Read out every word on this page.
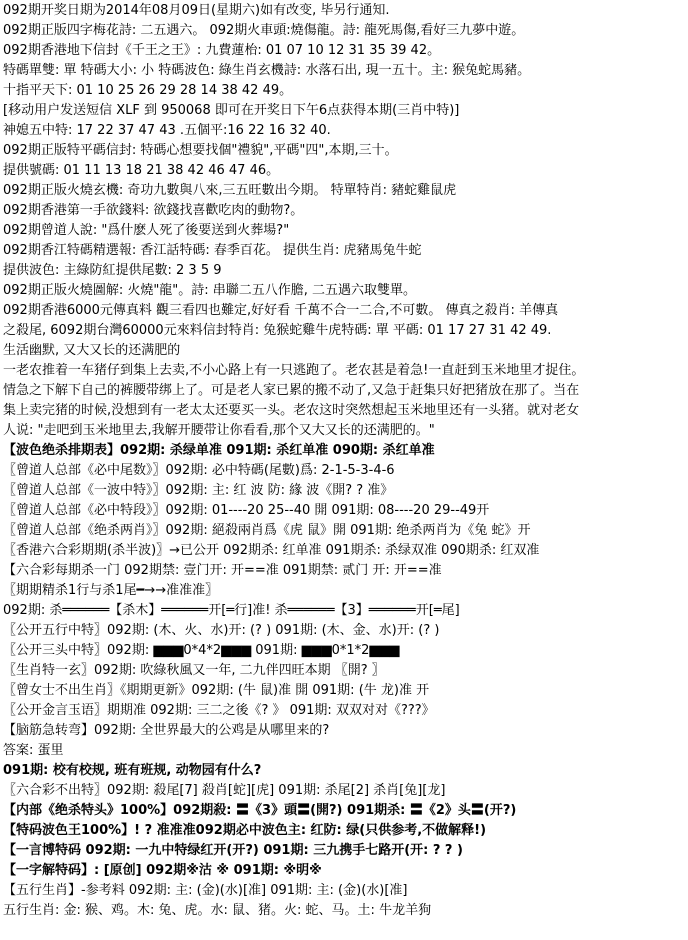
092期开奖日期为2014年08月09日(星期六)如有改变, 毕另行通知.
092期正版四字梅花詩: 二五遇六。 092期火車頭:燒傷龍。詩: 龍死馬傷,看好三九夢中遊。
092期香港地下信封《千王之王》: 九費蓮枱: 01 07 10 12 31 35 39 42。
特碼單雙: 單 特碼大小: 小 特碼波色: 綠生肖玄機詩: 水落石出, 現一五十。主: 猴兔蛇馬豬。
十指平天下: 01 10 25 26 29 28 14 38 42 49。
[移动用户发送短信 XLF 到 950068 即可在开奖日下午6点获得本期(三肖中特)]
神媳五中特: 17 22 37 47 43 .五個平:16 22 16 32 40.
092期正版特平碼信封: 特碼心想要找個"禮貌",平碼"四",本期,三十。
提供號碼: 01 11 13 18 21 38 42 46 47 46。
092期正版火燒玄機: 奇功九數與八來,三五旺數出今期。 特單特肖: 豬蛇雞鼠虎
092期香港第一手欲錢料: 欲錢找喜歡吃肉的動物?。
092期曾道人說: "爲什麽人死了後要送到火葬場?"
092期香江特碼精選報: 香江話特碼: 春季百花。 提供生肖: 虎豬馬兔牛蛇
提供波色: 主綠防紅提供尾數: 2 3 5 9
092期正版火燒圖解: 火燒"龍"。詩: 串聯二五八作膽, 二五遇六取雙單。
092期香港6000元傳真料 觀三看四也難定,好好看 千萬不合一二合,不可數。 傳真之殺肖: 羊傳真
之殺尾, 6092期台灣60000元來料信封特肖: 兔猴蛇雞牛虎特碼: 單 平碼: 01 17 27 31 42 49.
生活幽默, 又大又长的还满肥的
一老农推着一车猪仔到集上去卖,不小心路上有一只逃跑了。老农甚是着急!一直赶到玉米地里才捉住。
情急之下解下自己的裤腰带绑上了。可是老人家已累的搬不动了,又急于赶集只好把猪放在那了。当在
集上卖完猪的时候,没想到有一老太太还要买一头。老农这时突然想起玉米地里还有一头猪。就对老女
人说: "走吧到玉米地里去,我解开腰带让你看看,那个又大又长的还满肥的。"
【波色绝杀排期表】092期: 杀绿单准 091期: 杀红单准 090期: 杀红单准
〖曾道人总部《必中尾数》〗092期: 必中特碼(尾數)爲: 2-1-5-3-4-6
〖曾道人总部《一波中特》〗092期: 主: 红 波 防: 緣 波《開? ? 准》
〖曾道人总部《必中特段》〗092期: 01----20 25--40 開 091期: 08----20 29--49开
〖曾道人总部《绝杀两肖》〗092期: 絕殺兩肖爲《虎 鼠》開 091期: 绝杀两肖为《兔 蛇》开
〖香港六合彩期期(杀半波)〗→已公开 092期杀: 红单准 091期杀: 杀绿双准 090期杀: 红双准
【六合彩每期杀一门 092期禁: 壹门开: 开==准 091期禁: 贰门 开: 开==准
〖期期精杀1行与杀1尾━→→准准准〗
092期: 杀══════【杀木】══════开[═行]准! 杀══════【3】══════开[═尾]
〖公开五行中特〗092期: (木、火、水)开: (? ) 091期: (木、金、水)开: (? )
〖公开三头中特〗092期: ▆▆▆0*4*2▆▆▆ 091期: ▆▆▆0*1*2▆▆▆
〖生肖特一玄〗092期: 吹綠秋風又一年, 二九伴四旺本期 〖開? 〗
〖曾女士不出生肖〗《期期更新》092期: (牛 鼠)准 開 091期: (牛 龙)准 开
〖公开金言玉语〗期期准 092期: 三二之後《? 》 091期: 双双对对《???》
【脑筋急转弯】092期: 全世界最大的公鸡是从哪里来的?
答案: 蛋里
091期: 校有校规, 班有班规, 动物园有什么?
〖六合彩不出特〗092期: 殺尾[7] 殺肖[蛇][虎] 091期: 杀尾[2] 杀肖[兔][龙]
【内部《绝杀特头》100%】092期殺: 〓《3》頭〓(開?) 091期杀: 〓《2》头〓(开?)
【特码波色王100%】! ? 准准准092期必中波色主: 红防: 绿(只供参考,不做解释!)
【一言博特码 092期: 一九中特绿红开(开?) 091期: 三九携手七路开(开: ? ? )
【一字解特码】: [原创] 092期※沽 ※ 091期: ※明※
【五行生肖】-参考料 092期: 主: (金)(水)[准] 091期: 主: (金)(水)[准]
五行生肖: 金: 猴、鸡。木: 兔、虎。水: 鼠、猪。火: 蛇、马。土: 牛龙羊狗
